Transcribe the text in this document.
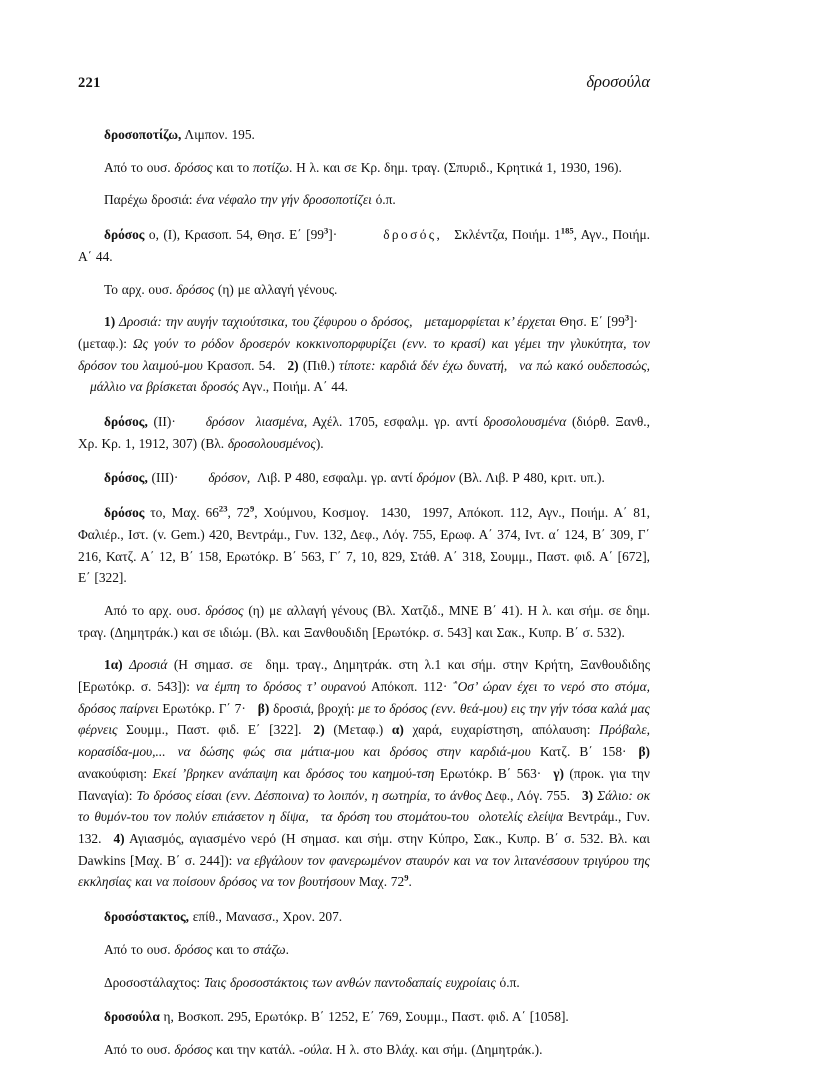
221	δροσούλα

δροσοποτίζω, Λιμπον. 195.

Από το ουσ. δρόσος και το ποτίζω. Η λ. και σε Κρ. δημ. τραγ. (Σπυριδ., Κρητικά 1, 1930, 196).

Παρέχω δροσιά: ένα νέφαλο την γήν δροσοποτίζει ό.π.

δρόσος o, (I), Κρασοπ. 54, Θησ. Ε΄ $[99^3]\cdot$	δροσός, Σκλέντζα, Ποιήμ. $1^{185}$, Αγν., Ποιήμ. Α΄ 44.

Το αρχ. ουσ. δρόσος (η) με αλλαγή γένους.

1) Δροσιά: την αυγήν ταχιούτσικα, του ζέφυρου ο δρόσος, μεταμορφίεται κ’ έρχεται Θησ. Ε΄ $[99^3]\cdot(\mu\varepsilon\tau\alpha\varphi.)$: Ως γούν το ρόδον δροσερόν κοκκινοπορφυρίζει (ενν. το κρασί) και γέμει την γλυκύτητα, τον δρόσον του λαιμού-μου Κρασοπ. 54. 2) (Πιθ.) τίποτε: καρδιά δέν έχω δυνατή, να πώ κακό ουδεποσώς,μάλλιο να βρίσκεται δροσός Αγν., Ποιήμ. Α΄ 44.

δρόσος, (ΙΙ)· δρόσον  λιασμένα, Αχέλ. 1705, εσφαλμ. γρ. αντί δροσολουσμένα (διόρθ. Ξανθ., Χρ. Κρ. 1, 1912, 307) (Βλ. δροσολουσμένος).

δρόσος, (ΙΙΙ)· δρόσον,  Λιβ. Ρ 480, εσφαλμ. γρ. αντί δρόμον (Βλ. Λιβ. Ρ 480, κριτ. υπ.).

δρόσος το, Μαχ. $66^{23}$, $72^9$, Χούμνου, Κοσμογ.  1430,  1997, Απόκοπ. 112, Αγν., Ποιήμ. Α΄ 81, Φαλιέρ., Ιστ. (v. Gem.) 420, Βεντράμ., Γυν. 132, Δεφ., Λόγ. 755, Ερωφ. Α΄ 374, Ιντ. α΄ 124, Β΄ 309, Γ΄ 216, Κατζ. Α΄ 12, Β΄ 158, Ερωτόκρ. Β΄ 563, Γ΄ 7, 10, 829, Στάθ. Α΄ 318, Σουμμ., Παστ. φιδ. Α΄ [672], Ε΄ [322].

Από το αρχ. ουσ. δρόσος (η) με αλλαγή γένους (Βλ. Χατζιδ., ΜΝΕ Β΄ 41). Η λ. και σήμ. σε δημ. τραγ. (Δημητράκ.) και σε ιδιώμ. (Βλ. και Ξανθουδιδη [Ερωτόκρ. σ. 543] και Σακ., Κυπρ. Β΄ σ. 532).

1α) Δροσιά (Η σημασ. σε  δημ. τραγ., Δημητράκ. στη λ.1 και σήμ. στην Κρήτη, Ξανθουδιδης [Ερωτόκρ. σ. 543]): να έμπη το δρόσος τ’ ουρανού Απόκοπ. 112· ΅Οσ’ ώραν έχει το νερό στο στόμα, δρόσος παίρνει Ερωτόκρ. Γ΄ 7· β) δροσιά, βροχή: με το δρόσος (ενν. θεά-μου) εις την γήν τόσα καλά μας φέρνεις Σουμμ., Παστ. φιδ. Ε΄ [322]. 2) (Μεταφ.) α) χαρά, ευχαρίστηση, απόλαυση: Πρόβαλε, κορασίδα-μου,... να δώσης φώς σια μάτια-μου και δρόσος στην καρδιά-μου Κατζ. Β΄ 158· β) ανακούφιση: Εκεί ’βρηκεν ανάπαψη και δρόσος του καημού-τση Ερωτόκρ. Β΄ 563· γ) (προκ. για την Παναγία): Το δρόσος είσαι (ενν. Δέσποινα) το λοιπόν, η σωτηρία, το άνθος Δεφ., Λόγ. 755. 3) Σάλιο: οκ το θυμόν-του τον πολύν επιάσετον η δίψα, τα δρόση του στομάτου-του  ολοτελίς ελείψα Βεντράμ., Γυν. 132. 4) Αγιασμός, αγιασμένο νερό (Η σημασ. και σήμ. στην Κύπρο, Σακ., Κυπρ. Β΄ σ. 532. Βλ. και Dawkins [Μαχ. Β΄ σ. 244]): να εβγάλουν τον φανερωμένον σταυρόν και να τον λιτανέσσουν τριγύρου της εκκλησίας και να ποίσουν δρόσος να τον βουτήσουν Μαχ. $72^9$.

δροσόστακτος, επίθ., Μανασσ., Χρον. 207.

Από το ουσ. δρόσος και το στάζω.

Δροσοστάλαχτος: Ταις δροσοστάκτοις των ανθών παντοδαπαίς ευχροίαις ό.π.

δροσούλα η, Βοσκοπ. 295, Ερωτόκρ. Β΄ 1252, Ε΄ 769, Σουμμ., Παστ. φιδ. Α΄ [1058].

Από το ουσ. δρόσος και την κατάλ. -ούλα. Η λ. στο Βλάχ. και σήμ. (Δημητράκ.).
